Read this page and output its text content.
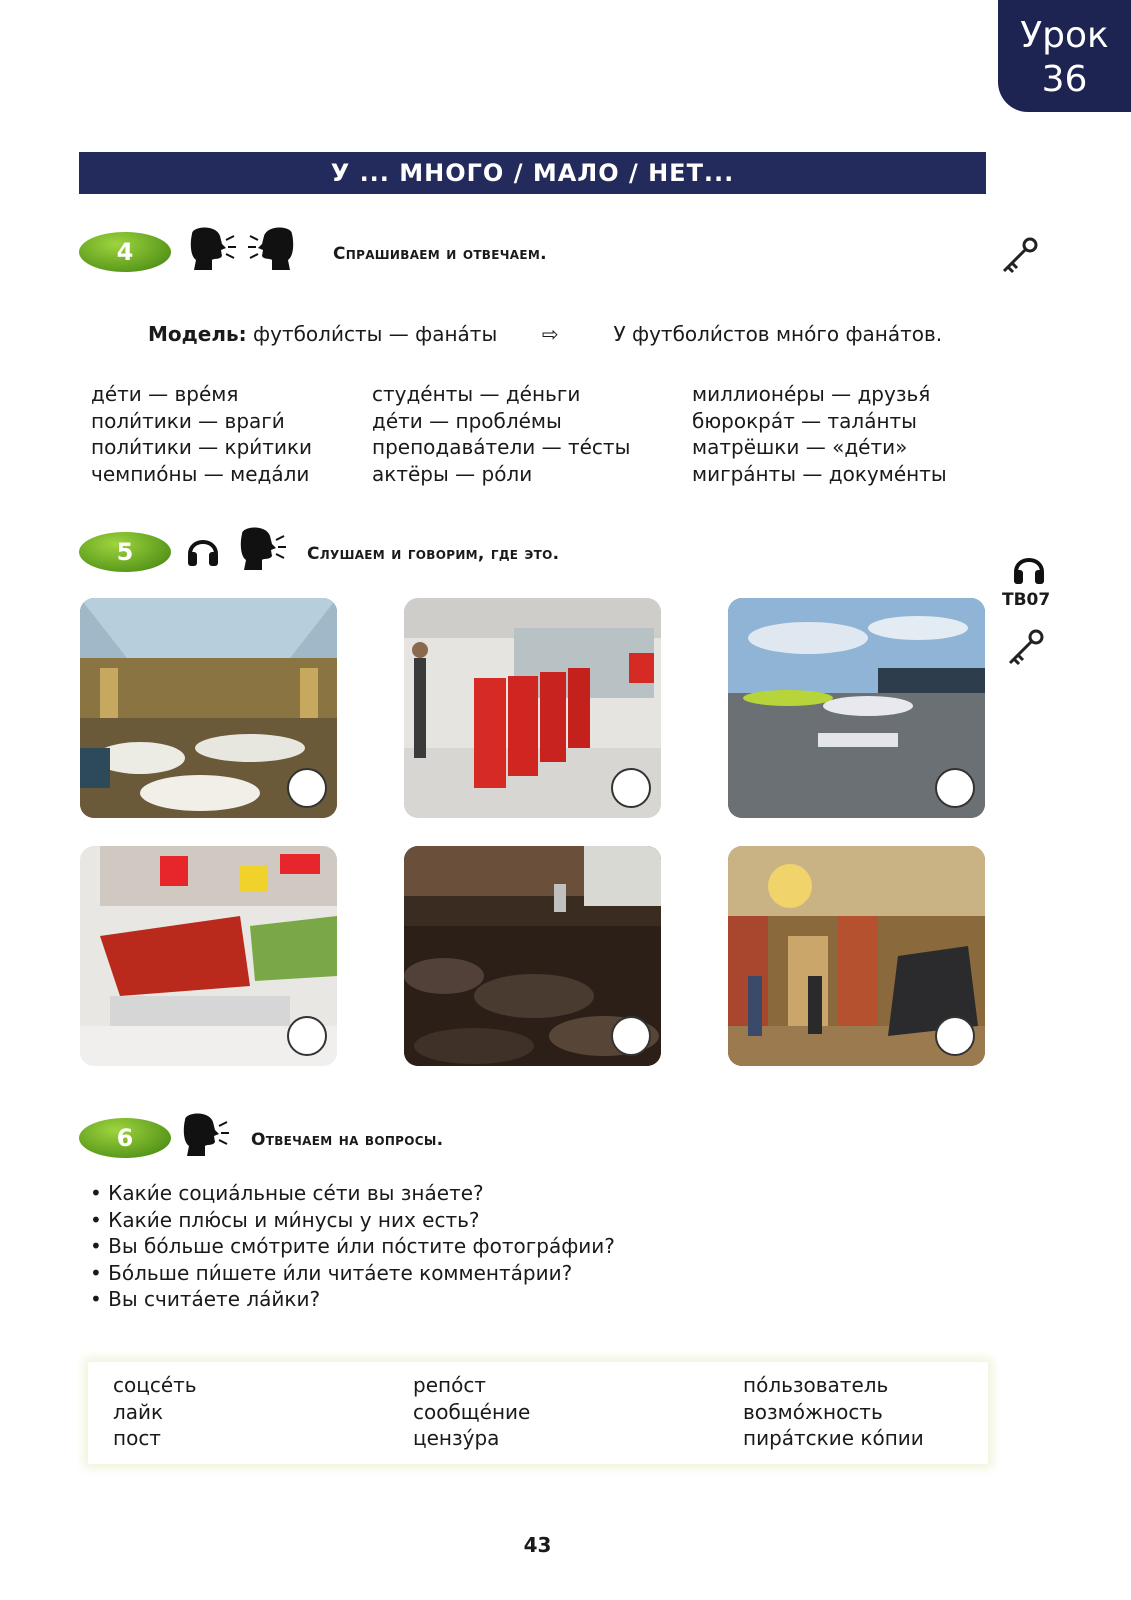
Урок
36
У ... МНОГО / МАЛО / НЕТ...
4	Спрашиваем и отвечаем.
Модель: футболи́сты — фана́ты ⇨	У футболи́стов мно́го фана́тов.
де́ти — вре́мя
поли́тики — враги́
поли́тики — кри́тики
чемпио́ны — меда́ли
студе́нты — де́ньги
де́ти — пробле́мы
преподава́тели — те́сты
актёры — ро́ли
миллионе́ры — друзья́
бюрокра́т — тала́нты
матрёшки — «де́ти»
мигра́нты — докуме́нты
5	Слушаем и говорим, где это.
TB07
6	Отвечаем на вопросы.
• Каки́е социа́льные се́ти вы зна́ете?
• Каки́е плю́сы и ми́нусы у них есть?
• Вы бо́льше смо́трите и́ли по́стите фотогра́фии?
• Бо́льше пи́шете и́ли чита́ете коммента́рии?
• Вы счита́ете ла́йки?
соцсе́ть
лайк
пост
репо́ст
сообще́ние
цензу́ра
по́льзователь
возмо́жность
пира́тские ко́пии
43
